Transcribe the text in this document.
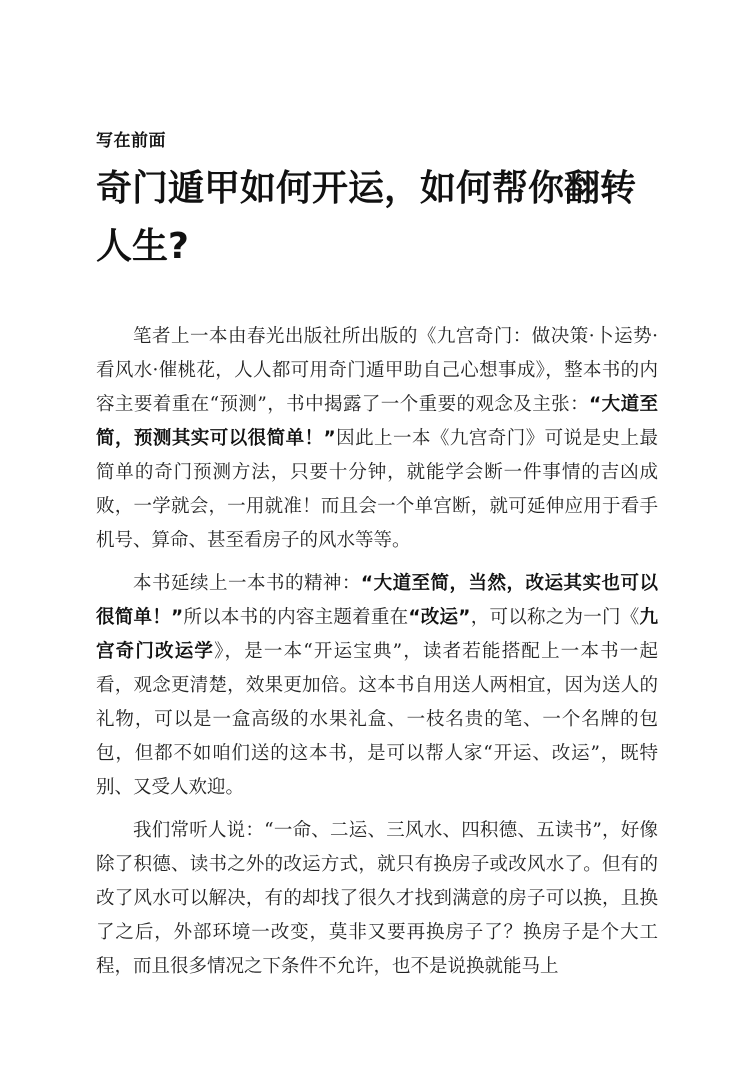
写在前面
奇门遁甲如何开运，如何帮你翻转人生?

笔者上一本由春光出版社所出版的《九宫奇门：做决策·卜运势·看风水·催桃花，人人都可用奇门遁甲助自己心想事成》，整本书的内容主要着重在“预测”，书中揭露了一个重要的观念及主张：“大道至简，预测其实可以很简单！”因此上一本《九宫奇门》可说是史上最简单的奇门预测方法，只要十分钟，就能学会断一件事情的吉凶成败，一学就会，一用就准！而且会一个单宫断，就可延伸应用于看手机号、算命、甚至看房子的风水等等。

本书延续上一本书的精神：“大道至简，当然，改运其实也可以很简单！”所以本书的内容主题着重在“改运”，可以称之为一门《九宫奇门改运学》，是一本“开运宝典”，读者若能搭配上一本书一起看，观念更清楚，效果更加倍。这本书自用送人两相宜，因为送人的礼物，可以是一盒高级的水果礼盒、一枝名贵的笔、一个名牌的包包，但都不如咱们送的这本书，是可以帮人家“开运、改运”，既特别、又受人欢迎。

我们常听人说：“一命、二运、三风水、四积德、五读书”，好像除了积德、读书之外的改运方式，就只有换房子或改风水了。但有的改了风水可以解决，有的却找了很久才找到满意的房子可以换，且换了之后，外部环境一改变，莫非又要再换房子了？换房子是个大工程，而且很多情况之下条件不允许，也不是说换就能马上
